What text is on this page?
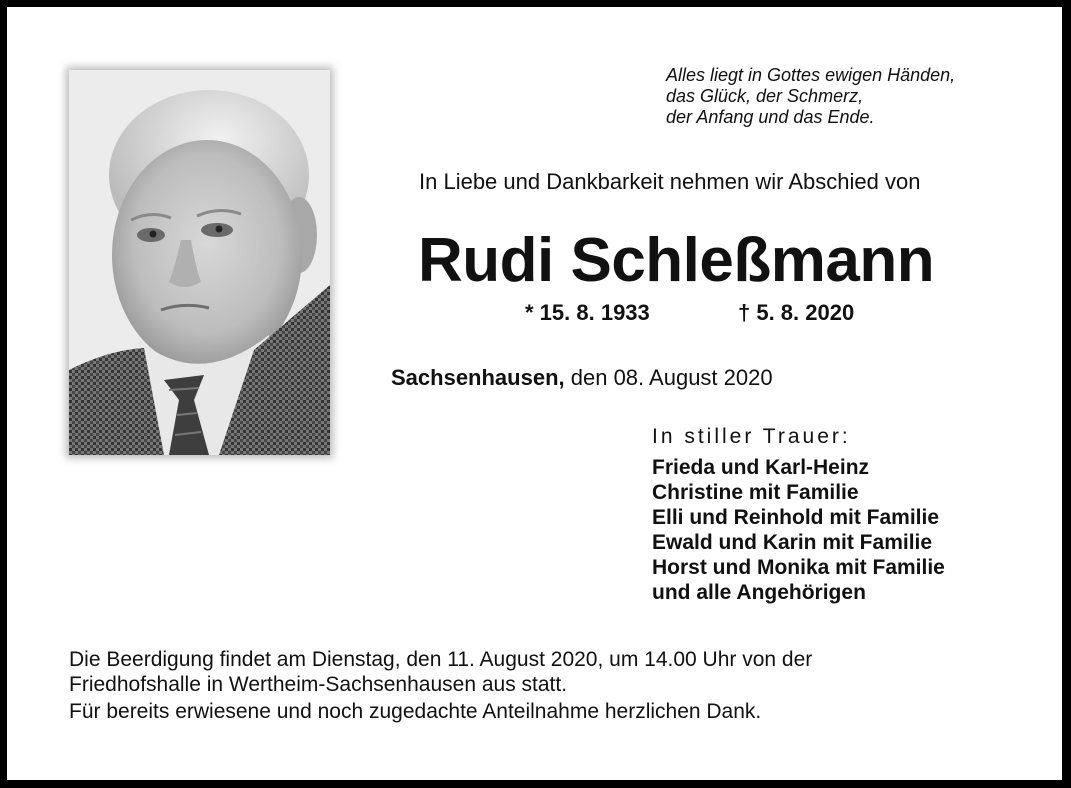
Alles liegt in Gottes ewigen Händen,
das Glück, der Schmerz,
der Anfang und das Ende.
In Liebe und Dankbarkeit nehmen wir Abschied von
Rudi Schleßmann
* 15. 8. 1933	† 5. 8. 2020
Sachsenhausen, den 08. August 2020
In stiller Trauer:
Frieda und Karl-Heinz
Christine mit Familie
Elli und Reinhold mit Familie
Ewald und Karin mit Familie
Horst und Monika mit Familie
und alle Angehörigen
Die Beerdigung findet am Dienstag, den 11. August 2020, um 14.00 Uhr von der
Friedhofshalle in Wertheim-Sachsenhausen aus statt.
Für bereits erwiesene und noch zugedachte Anteilnahme herzlichen Dank.
